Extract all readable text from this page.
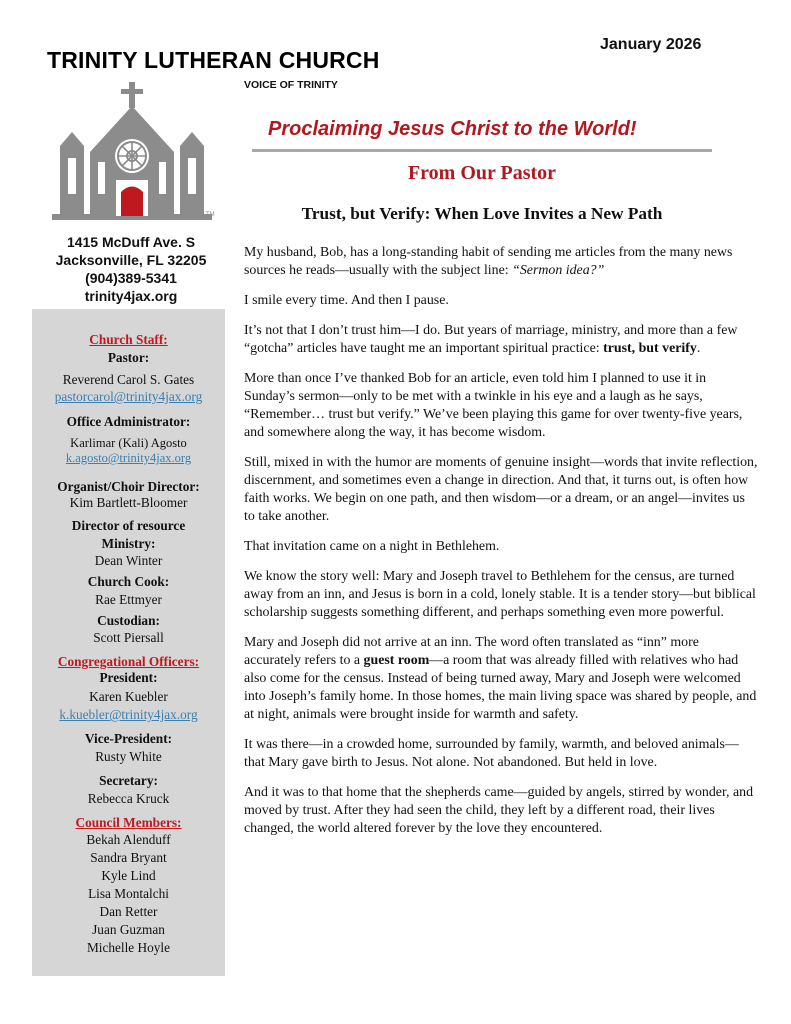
TRINITY LUTHERAN CHURCH
January 2026
VOICE OF TRINITY
TM
1415 McDuff Ave. S
Jacksonville, FL 32205
(904)389-5341
trinity4jax.org
Church Staff:
Pastor:
Reverend Carol S. Gates
pastorcarol@trinity4jax.org
Office Administrator:
Karlimar (Kali) Agosto
k.agosto@trinity4jax.org
Organist/Choir Director:
Kim Bartlett-Bloomer
Director of resource
Ministry:
Dean Winter
Church Cook:
Rae Ettmyer
Custodian:
Scott Piersall
Congregational Officers:
President:
Karen Kuebler
k.kuebler@trinity4jax.org
Vice-President:
Rusty White
Secretary:
Rebecca Kruck
Council Members:
Bekah Alenduff
Sandra Bryant
Kyle Lind
Lisa Montalchi
Dan Retter
Juan Guzman
Michelle Hoyle
Proclaiming Jesus Christ to the World!
From Our Pastor
Trust, but Verify: When Love Invites a New Path

My husband, Bob, has a long-standing habit of sending me articles from the many news sources he reads—usually with the subject line: “Sermon idea?”

I smile every time. And then I pause.

It’s not that I don’t trust him—I do. But years of marriage, ministry, and more than a few “gotcha” articles have taught me an important spiritual practice: trust, but verify.

More than once I’ve thanked Bob for an article, even told him I planned to use it in Sunday’s sermon—only to be met with a twinkle in his eye and a laugh as he says, “Remember… trust but verify.” We’ve been playing this game for over twenty-five years, and somewhere along the way, it has become wisdom.

Still, mixed in with the humor are moments of genuine insight—words that invite reflection, discernment, and sometimes even a change in direction. And that, it turns out, is often how faith works. We begin on one path, and then wisdom—or a dream, or an angel—invites us to take another.

That invitation came on a night in Bethlehem.

We know the story well: Mary and Joseph travel to Bethlehem for the census, are turned away from an inn, and Jesus is born in a cold, lonely stable. It is a tender story—but biblical scholarship suggests something different, and perhaps something even more powerful.

Mary and Joseph did not arrive at an inn. The word often translated as “inn” more accurately refers to a guest room—a room that was already filled with relatives who had also come for the census. Instead of being turned away, Mary and Joseph were welcomed into Joseph’s family home. In those homes, the main living space was shared by people, and at night, animals were brought inside for warmth and safety.

It was there—in a crowded home, surrounded by family, warmth, and beloved animals—that Mary gave birth to Jesus. Not alone. Not abandoned. But held in love.

And it was to that home that the shepherds came—guided by angels, stirred by wonder, and moved by trust. After they had seen the child, they left by a different road, their lives changed, the world altered forever by the love they encountered.
